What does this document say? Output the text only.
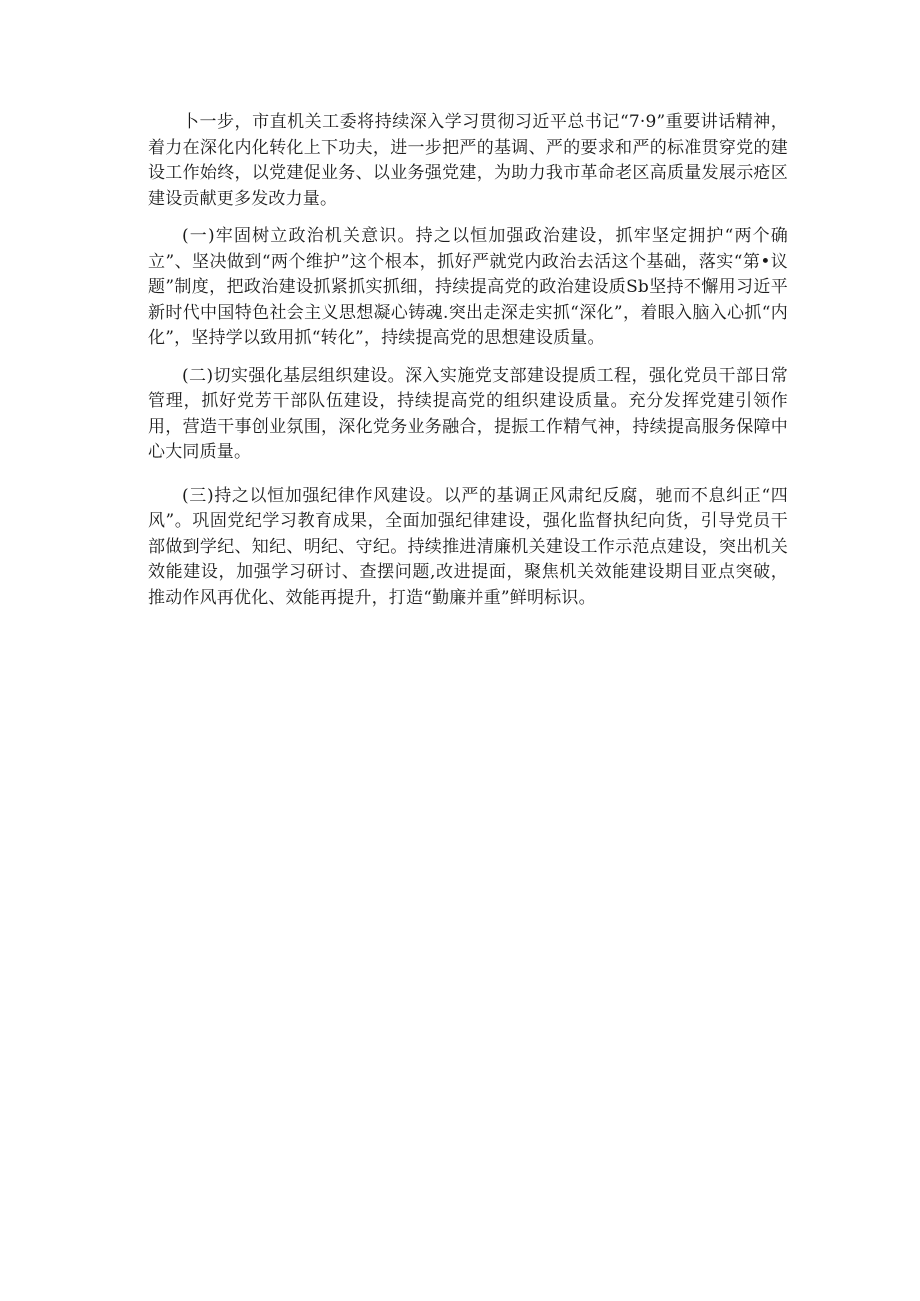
卜一步，市直机关工委将持续深入学习贯彻习近平总书记“7·9”重要讲话精神，着力在深化内化转化上下功夫，进一步把严的基调、严的要求和严的标准贯穿党的建设工作始终，以党建促业务、以业务强党建，为助力我市革命老区高质量发展示疮区建设贡献更多发改力量。

(一)牢固树立政治机关意识。持之以恒加强政治建设，抓牢坚定拥护“两个确立”、坚决做到“两个维护”这个根本，抓好严就党内政治去活这个基础，落实“第•议题”制度，把政治建设抓紧抓实抓细，持续提高党的政治建设质Sb坚持不懈用习近平新时代中国特色社会主义思想凝心铸魂.突出走深走实抓“深化”，着眼入脑入心抓“内化”，坚持学以致用抓“转化”，持续提高党的思想建设质量。

(二)切实强化基层组织建设。深入实施党支部建设提质工程，强化党员干部日常管理，抓好党芳干部队伍建设，持续提高党的组织建设质量。充分发挥党建引领作用，营造干事创业氛围，深化党务业务融合，提振工作精气神，持续提高服务保障中心大同质量。

(三)持之以恒加强纪律作风建设。以严的基调正风肃纪反腐，驰而不息纠正“四风”。巩固党纪学习教育成果，全面加强纪律建设，强化监督执纪向货，引导党员干部做到学纪、知纪、明纪、守纪。持续推进清廉机关建设工作示范点建设，突出机关效能建设，加强学习研讨、查摆问题,改进提面，聚焦机关效能建设期目亚点突破，推动作风再优化、效能再提升，打造“勤廉并重”鲜明标识。
